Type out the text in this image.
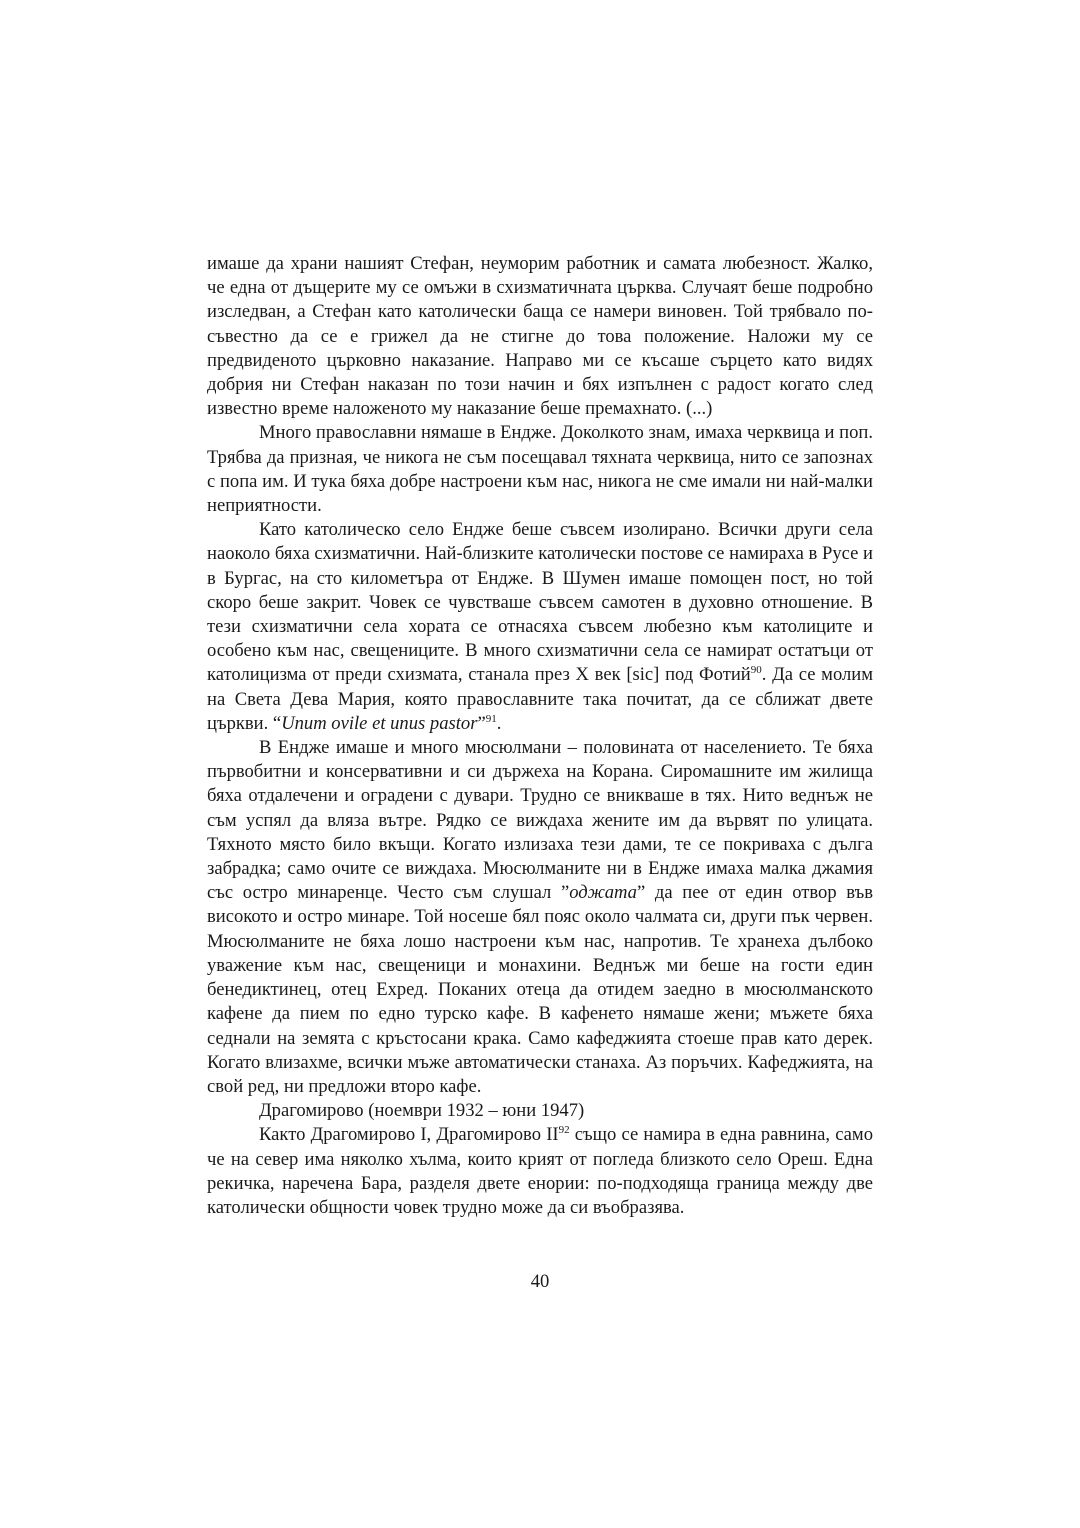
имаше да храни нашият Стефан, неуморим работник и самата любезност. Жалко, че една от дъщерите му се омъжи в схизматичната църква. Случаят беше подробно изследван, а Стефан като католически баща се намери виновен. Той трябвало по-съвестно да се е грижел да не стигне до това положение. Наложи му се предвиденото църковно наказание. Направо ми се късаше сърцето като видях добрия ни Стефан наказан по този начин и бях изпълнен с радост когато след известно време наложеното му наказание беше премахнато. (...)

Много православни нямаше в Ендже. Доколкото знам, имаха черквица и поп. Трябва да призная, че никога не съм посещавал тяхната черквица, нито се запознах с попа им. И тука бяха добре настроени към нас, никога не сме имали ни най-малки неприятности.

Като католическо село Ендже беше съвсем изолирано. Всички други села наоколо бяха схизматични. Най-близките католически постове се намираха в Русе и в Бургас, на сто километъра от Ендже. В Шумен имаше помощен пост, но той скоро беше закрит. Човек се чувстваше съвсем самотен в духовно отношение. В тези схизматични села хората се отнасяха съвсем любезно към католиците и особено към нас, свещениците. В много схизматични села се намират остатъци от католицизма от преди схизмата, станала през X век [sic] под Фотий$^{90}$. Да се молим на Света Дева Мария, която православните така почитат, да се сближат двете църкви. “Unum ovile et unus pastor”$^{91}$.

В Ендже имаше и много мюсюлмани – половината от населението. Те бяха първобитни и консервативни и си държеха на Корана. Сиромашните им жилища бяха отдалечени и оградени с дувари. Трудно се вникваше в тях. Нито веднъж не съм успял да вляза вътре. Рядко се виждаха жените им да вървят по улицата. Тяхното място било вкъщи. Когато излизаха тези дами, те се покриваха с дълга забрадка; само очите се виждаха. Мюсюлманите ни в Ендже имаха малка джамия със остро минаренце. Често съм слушал ”оджата” да пее от един отвор във високото и остро минаре. Той носеше бял пояс около чалмата си, други пък червен. Мюсюлманите не бяха лошо настроени към нас, напротив. Те хранеха дълбоко уважение към нас, свещеници и монахини. Веднъж ми беше на гости един бенедиктинец, отец Ехред. Поканих отеца да отидем заедно в мюсюлманското кафене да пием по едно турско кафе. В кафенето нямаше жени; мъжете бяха седнали на земята с кръстосани крака. Само кафеджията стоеше прав като дерек. Когато влизахме, всички мъже автоматически станаха. Аз поръчих. Кафеджията, на свой ред, ни предложи второ кафе.

Драгомирово (ноември 1932 – юни 1947)

Както Драгомирово I, Драгомирово II$^{92}$ също се намира в една равнина, само че на север има няколко хълма, които крият от погледа близкото село Ореш. Една рекичка, наречена Бара, разделя двете енории: по-подходяща граница между две католически общности човек трудно може да си въобразява.

40
